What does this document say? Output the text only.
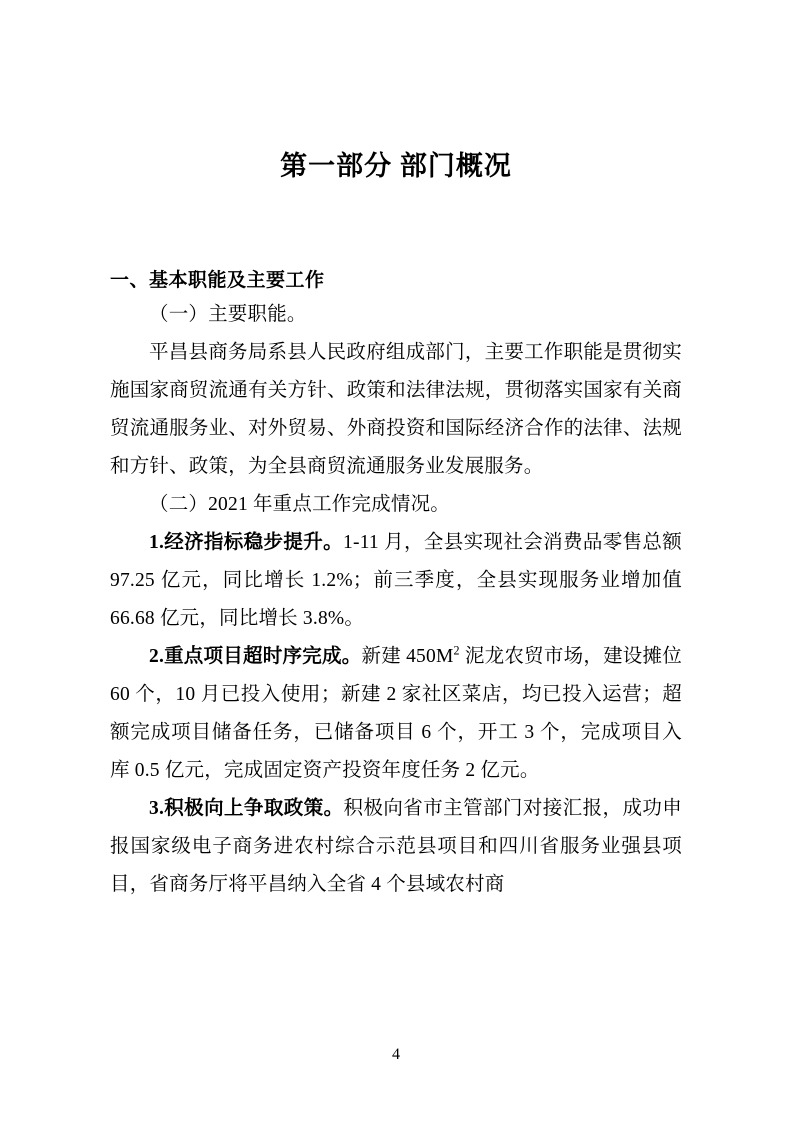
第一部分 部门概况
一、基本职能及主要工作

（一）主要职能。

平昌县商务局系县人民政府组成部门，主要工作职能是贯彻实施国家商贸流通有关方针、政策和法律法规，贯彻落实国家有关商贸流通服务业、对外贸易、外商投资和国际经济合作的法律、法规和方针、政策，为全县商贸流通服务业发展服务。

（二）2021 年重点工作完成情况。

1.经济指标稳步提升。1-11 月，全县实现社会消费品零售总额 97.25 亿元，同比增长 1.2%；前三季度，全县实现服务业增加值 66.68 亿元，同比增长 3.8%。

2.重点项目超时序完成。新建 $450M^2$ 泥龙农贸市场，建设摊位 60 个，10 月已投入使用；新建 2 家社区菜店，均已投入运营；超额完成项目储备任务，已储备项目 6 个，开工 3 个，完成项目入库 0.5 亿元，完成固定资产投资年度任务 2 亿元。

3.积极向上争取政策。积极向省市主管部门对接汇报，成功申报国家级电子商务进农村综合示范县项目和四川省服务业强县项目，省商务厅将平昌纳入全省 4 个县域农村商

4
